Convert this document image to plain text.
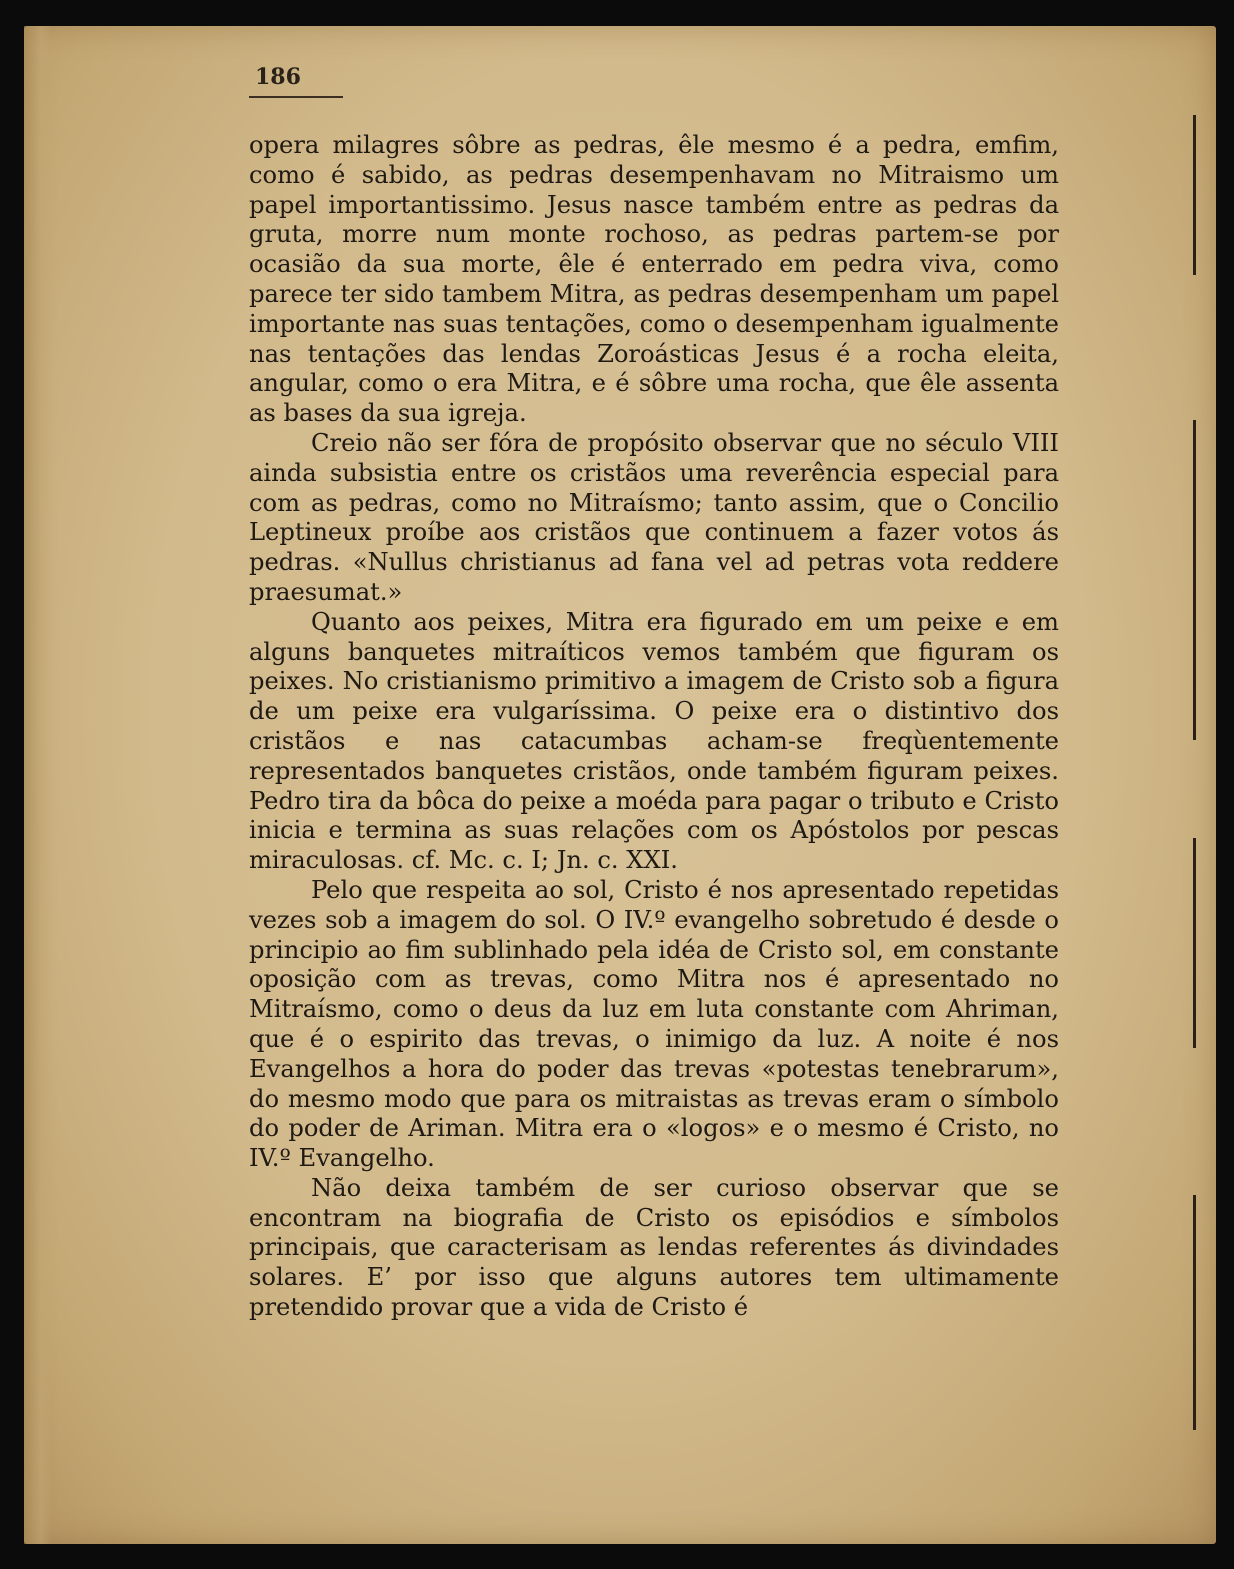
186

opera milagres sôbre as pedras, êle mesmo é a pedra, emfim, como é sabido, as pedras desempenhavam no Mitraismo um papel importantissimo. Jesus nasce também entre as pedras da gruta, morre num monte rochoso, as pedras partem-se por ocasião da sua morte, êle é enterrado em pedra viva, como parece ter sido tambem Mitra, as pedras desempenham um papel importante nas suas tentações, como o desempenham igualmente nas tentações das lendas Zoroásticas Jesus é a rocha eleita, angular, como o era Mitra, e é sôbre uma rocha, que êle assenta as bases da sua igreja.

Creio não ser fóra de propósito observar que no século VIII ainda subsistia entre os cristãos uma reverência especial para com as pedras, como no Mitraísmo; tanto assim, que o Concilio Leptineux proíbe aos cristãos que continuem a fazer votos ás pedras. «Nullus christianus ad fana vel ad petras vota reddere praesumat.»

Quanto aos peixes, Mitra era figurado em um peixe e em alguns banquetes mitraíticos vemos também que figuram os peixes. No cristianismo primitivo a imagem de Cristo sob a figura de um peixe era vulgaríssima. O peixe era o distintivo dos cristãos e nas catacumbas acham-se freqùentemente representados banquetes cristãos, onde também figuram peixes. Pedro tira da bôca do peixe a moéda para pagar o tributo e Cristo inicia e termina as suas relações com os Apóstolos por pescas miraculosas. cf. Mc. c. I; Jn. c. XXI.

Pelo que respeita ao sol, Cristo é nos apresentado repetidas vezes sob a imagem do sol. O IV.º evangelho sobretudo é desde o principio ao fim sublinhado pela idéa de Cristo sol, em constante oposição com as trevas, como Mitra nos é apresentado no Mitraísmo, como o deus da luz em luta constante com Ahriman, que é o espirito das trevas, o inimigo da luz. A noite é nos Evangelhos a hora do poder das trevas «potestas tenebrarum», do mesmo modo que para os mitraistas as trevas eram o símbolo do poder de Ariman. Mitra era o «logos» e o mesmo é Cristo, no IV.º Evangelho.

Não deixa também de ser curioso observar que se encontram na biografia de Cristo os episódios e símbolos principais, que caracterisam as lendas referentes ás divindades solares. E’ por isso que alguns autores tem ultimamente pretendido provar que a vida de Cristo é
